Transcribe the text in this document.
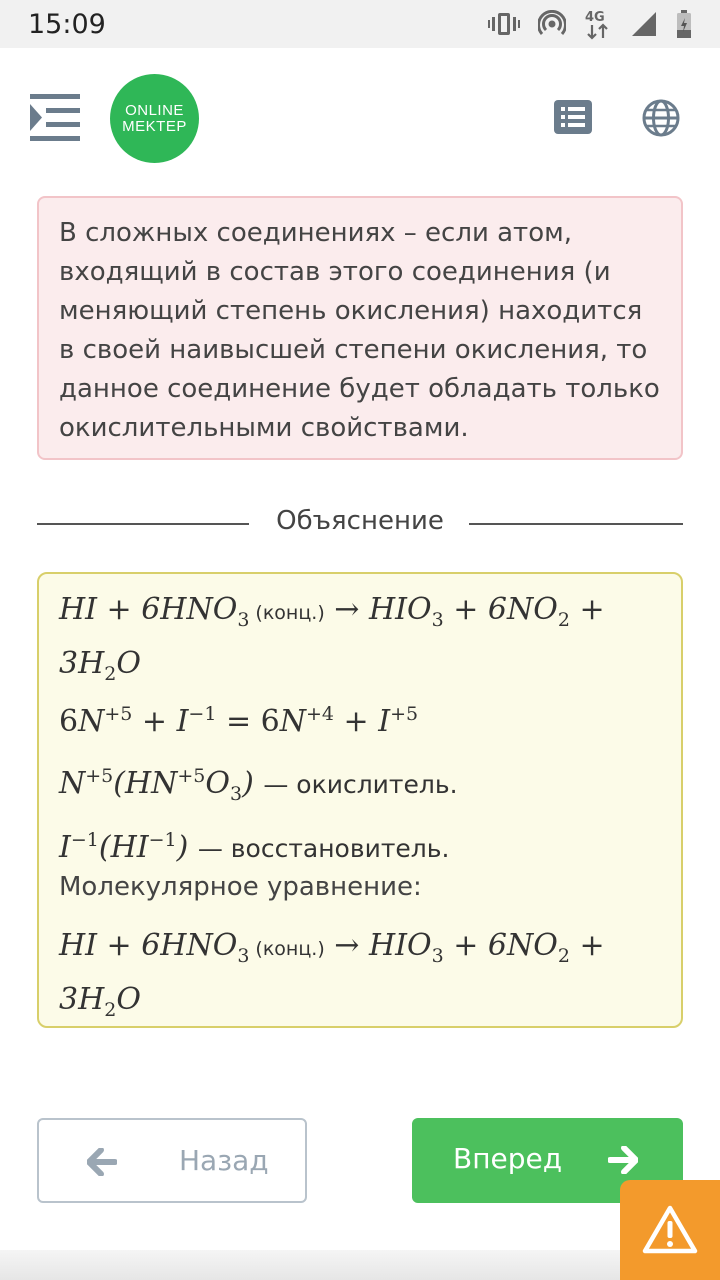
15:09	4G
ONLINE
MEKTEP
В сложных соединениях – если атом, входящий в состав этого соединения (и меняющий степень окисления) находится в своей наивысшей степени окисления, то данное соединение будет обладать только окислительными свойствами.
Объяснение
HI + $6HNO_3$  (конц.) → $HIO_3 + 6NO_2$ +
$3H_2O$
$6N^{+5} + I^{-1} = 6N^{+4} + I^{+5}$
$N^{+5}(HN^{+5}O_3)$ — окислитель.
$I^{-1}(HI^{-1})$ — восстановитель.
Молекулярное уравнение:
HI + $6HNO_3$  (конц.) → $HIO_3 + 6NO_2$ +
$3H_2O$
Назад	Вперед
